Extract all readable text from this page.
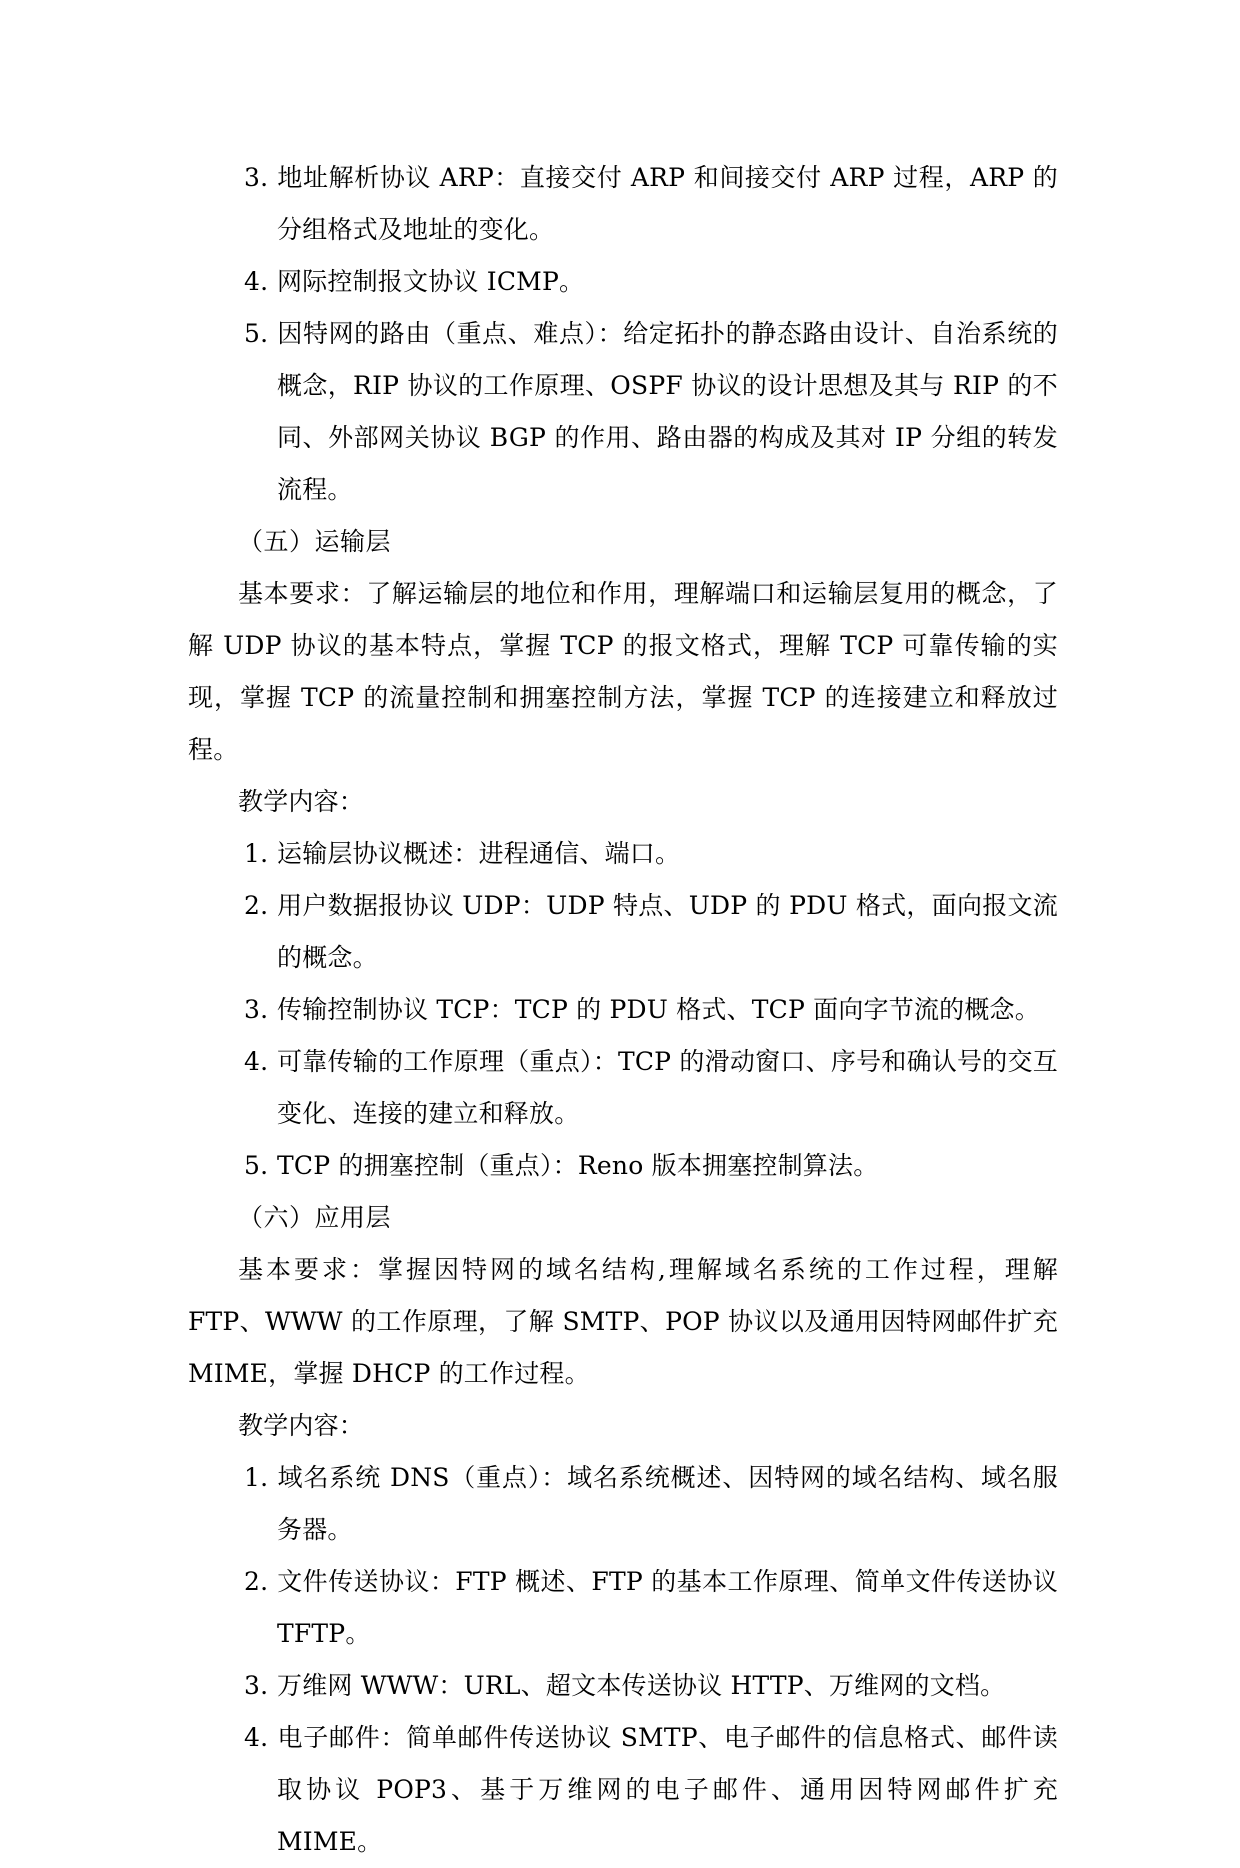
3. 地址解析协议 ARP：直接交付 ARP 和间接交付 ARP 过程，ARP 的分组格式及地址的变化。
4. 网际控制报文协议 ICMP。
5. 因特网的路由（重点、难点）：给定拓扑的静态路由设计、自治系统的概念，RIP 协议的工作原理、OSPF 协议的设计思想及其与 RIP 的不同、外部网关协议 BGP 的作用、路由器的构成及其对 IP 分组的转发流程。
（五）运输层
基本要求：了解运输层的地位和作用，理解端口和运输层复用的概念，了解 UDP 协议的基本特点，掌握 TCP 的报文格式，理解 TCP 可靠传输的实现，掌握 TCP 的流量控制和拥塞控制方法，掌握 TCP 的连接建立和释放过程。
教学内容：
1. 运输层协议概述：进程通信、端口。
2. 用户数据报协议 UDP：UDP 特点、UDP 的 PDU 格式，面向报文流的概念。
3. 传输控制协议 TCP：TCP 的 PDU 格式、TCP 面向字节流的概念。
4. 可靠传输的工作原理（重点）：TCP 的滑动窗口、序号和确认号的交互变化、连接的建立和释放。
5. TCP 的拥塞控制（重点）：Reno 版本拥塞控制算法。
（六）应用层
基本要求：掌握因特网的域名结构,理解域名系统的工作过程，理解 FTP、WWW 的工作原理，了解 SMTP、POP 协议以及通用因特网邮件扩充 MIME，掌握 DHCP 的工作过程。
教学内容：
1. 域名系统 DNS（重点）：域名系统概述、因特网的域名结构、域名服务器。
2. 文件传送协议：FTP 概述、FTP 的基本工作原理、简单文件传送协议 TFTP。
3. 万维网 WWW：URL、超文本传送协议 HTTP、万维网的文档。
4. 电子邮件：简单邮件传送协议 SMTP、电子邮件的信息格式、邮件读取协议 POP3、基于万维网的电子邮件、通用因特网邮件扩充 MIME。
